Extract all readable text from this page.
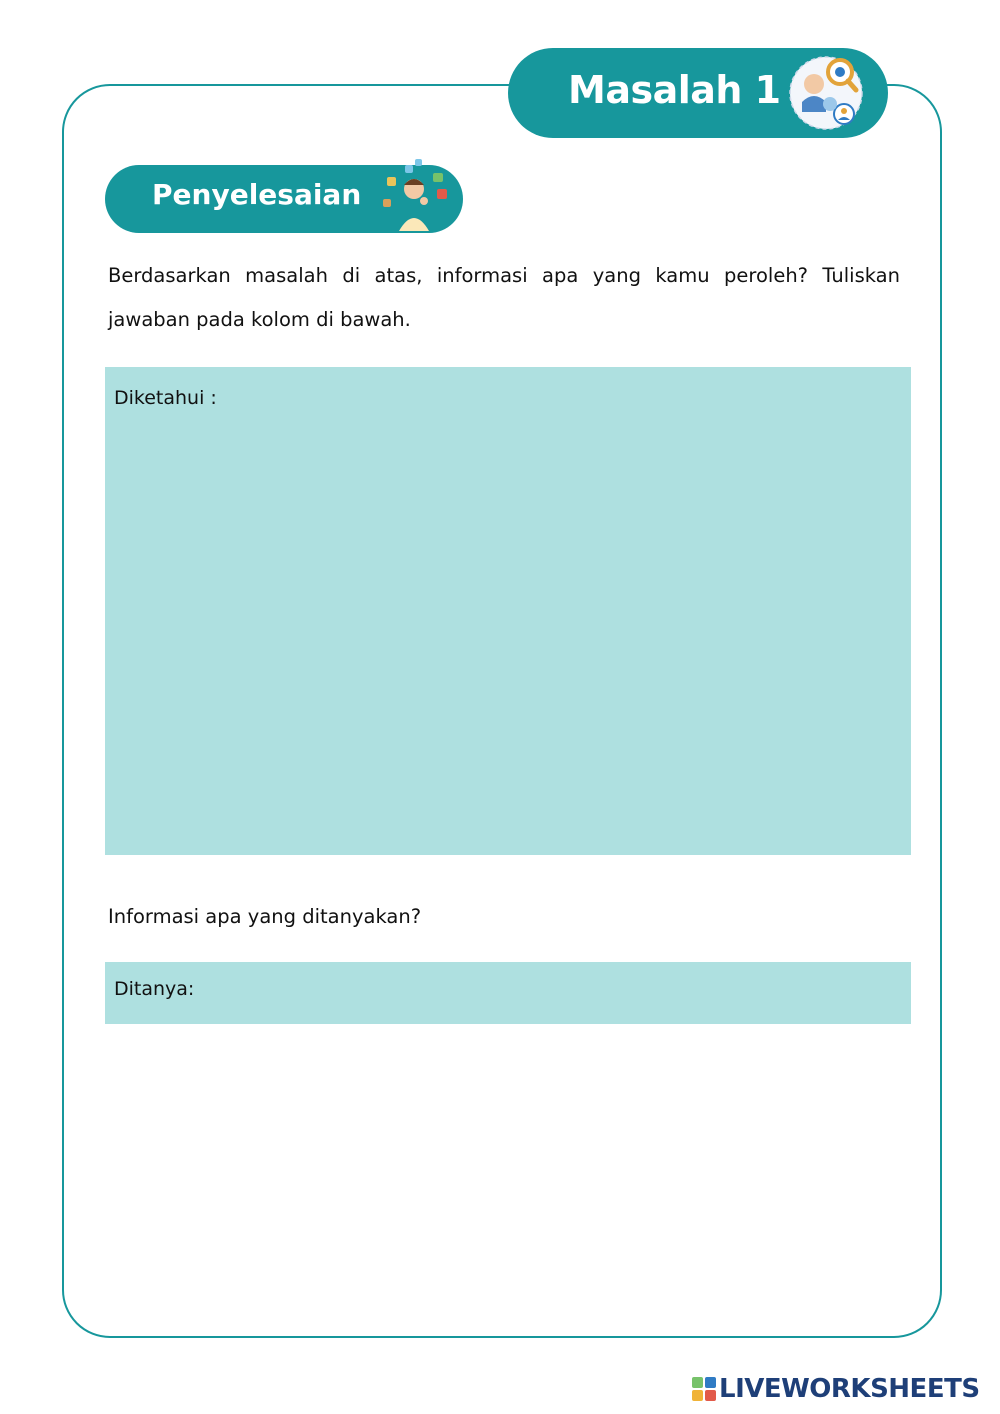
Masalah 1
Penyelesaian
Berdasarkan masalah di atas, informasi apa yang kamu peroleh? Tuliskan jawaban pada kolom di bawah.
Diketahui :
Informasi apa yang ditanyakan?
Ditanya:
LIVEWORKSHEETS
